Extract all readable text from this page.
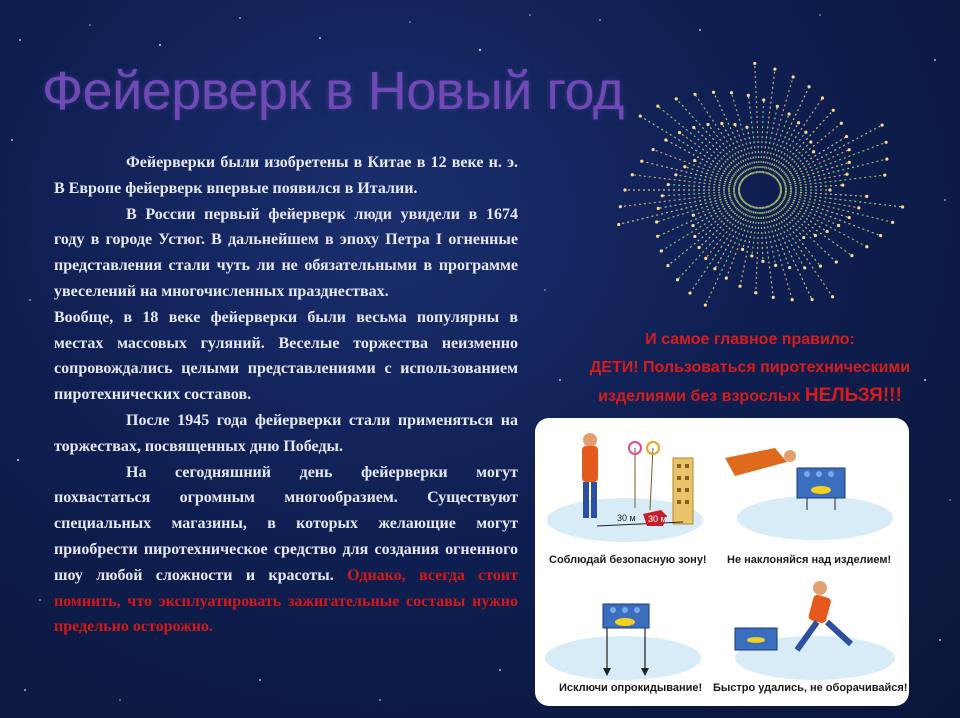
Фейерверк в Новый год

Фейерверки были изобретены в Китае в 12 веке н. э. В Европе фейерверк впервые появился в Италии.

В России первый фейерверк люди увидели в 1674 году в городе Устюг. В дальнейшем в эпоху Петра I огненные представления стали чуть ли не обязательными в программе увеселений на многочисленных празднествах.

Вообще, в 18 веке фейерверки были весьма популярны в местах массовых гуляний. Веселые торжества неизменно сопровождались целыми представлениями с использованием пиротехнических составов.

После 1945 года фейерверки стали применяться на торжествах, посвященных дню Победы.

На сегодняшний день фейерверки могут похвастаться огромным многообразием. Существуют специальных магазины, в которых желающие могут приобрести пиротехническое средство для создания огненного шоу любой сложности и красоты. Однако, всегда стоит помнить, что эксплуатировать зажигательные составы нужно предельно осторожно.

И самое главное правило:
ДЕТИ! Пользоваться пиротехническими
изделиями без взрослых НЕЛЬЗЯ!!!
30 м 30 м
Соблюдай безопасную зону! Не наклоняйся над изделием!
Исключи опрокидывание! Быстро удались, не оборачивайся!
